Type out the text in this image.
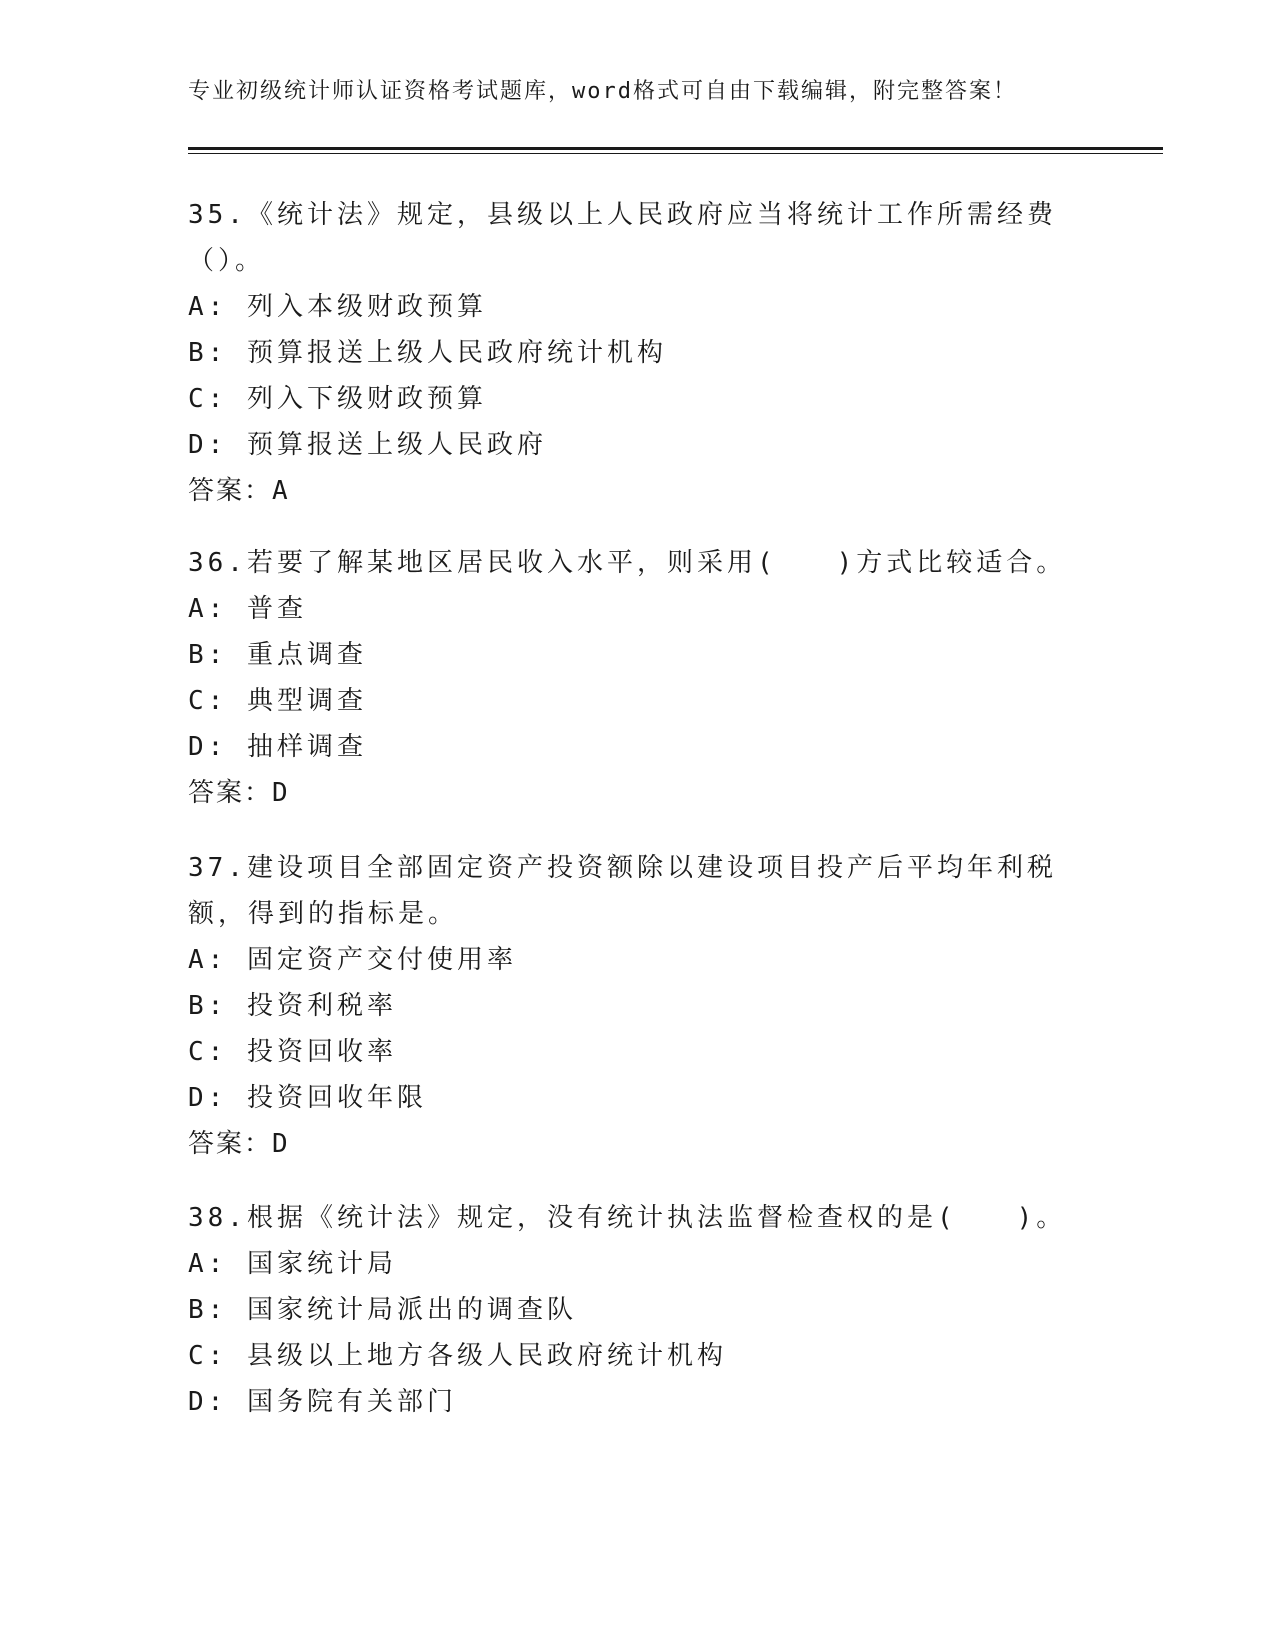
专业初级统计师认证资格考试题库，word格式可自由下载编辑，附完整答案！
35.《统计法》规定，县级以上人民政府应当将统计工作所需经费（）。
A: 列入本级财政预算
B: 预算报送上级人民政府统计机构
C: 列入下级财政预算
D: 预算报送上级人民政府
答案：A
36.若要了解某地区居民收入水平，则采用(　　)方式比较适合。
A: 普查
B: 重点调查
C: 典型调查
D: 抽样调查
答案：D
37.建设项目全部固定资产投资额除以建设项目投产后平均年利税额，得到的指标是。
A: 固定资产交付使用率
B: 投资利税率
C: 投资回收率
D: 投资回收年限
答案：D
38.根据《统计法》规定，没有统计执法监督检查权的是(　　)。
A: 国家统计局
B: 国家统计局派出的调查队
C: 县级以上地方各级人民政府统计机构
D: 国务院有关部门
